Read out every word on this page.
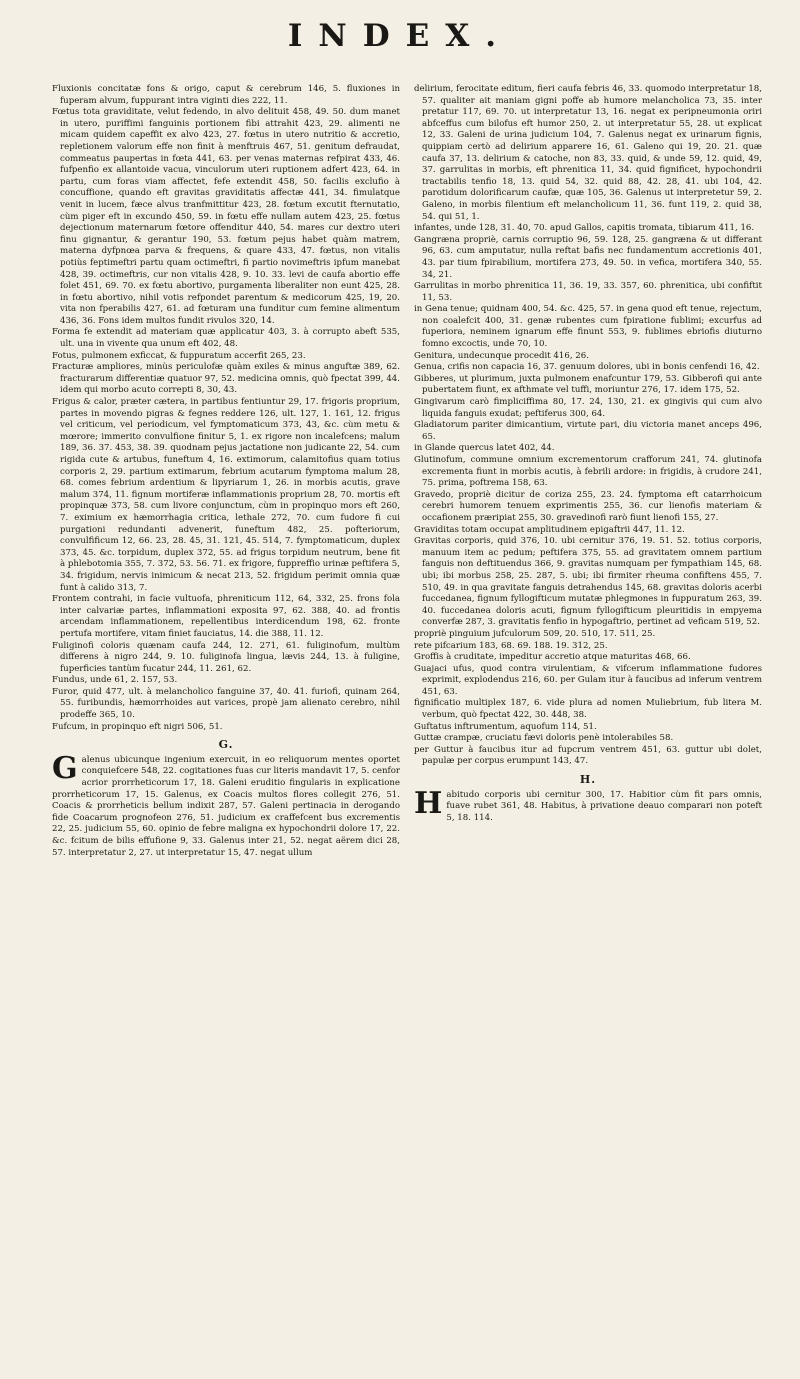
INDEX.

Fluxionis concitatæ fons & origo, caput & cerebrum 146, 5. fluxiones in fuperam alvum, fuppurant intra viginti dies 222, 11.

Fœtus tota graviditate, velut fedendo, in alvo delituit 458, 49. 50. dum manet in utero, puriffimi fanguinis portionem fibi attrahit 423, 29. alimenti ne micam quidem capeffit ex alvo 423, 27. fœtus in utero nutritio & accretio, repletionem valorum effe non finit à menftruis 467, 51. genitum defraudat, commeatus paupertas in fœta 441, 63. per venas maternas refpirat 433, 46. fufpenfio ex allantoide vacua, vinculorum uteri ruptionem adfert 423, 64. in partu, cum foras viam affectet, fefe extendit 458, 50. facilis exclufio à concuffione, quando eft gravitas graviditatis affectæ 441, 34. fimulatque venit in lucem, fæce alvus tranfmittitur 423, 28. fœtum excutit fternutatio, cùm piger eft in excundo 450, 59. in fœtu effe nullam autem 423, 25. fœtus dejectionum maternarum fœtore offenditur 440, 54. mares cur dextro uteri finu gignantur, & gerantur 190, 53. fœtum pejus habet quàm matrem, materna dyfpnœa parva & frequens, & quare 433, 47. fœtus, non vitalis potiùs feptimeftri partu quam octimeftri, fi partio novimeftris ipfum manebat 428, 39. octimeftris, cur non vitalis 428, 9. 10. 33. levi de caufa abortio effe folet 451, 69. 70. ex fœtu abortivo, purgamenta liberaliter non eunt 425, 28. in fœtu abortivo, nihil votis refpondet parentum & medicorum 425, 19, 20. vita non fperabilis 427, 61. ad fœturam una funditur cum femine alimentum 436, 36. Fons idem multos fundit rivulos 320, 14.

Forma fe extendit ad materiam quæ applicatur 403, 3. à corrupto abeft 535, ult. una in vivente qua unum eft 402, 48.

Fotus, pulmonem exficcat, & fuppuratum accerfit 265, 23.

Fracturæ ampliores, minùs periculofæ quàm exiles & minus anguftæ 389, 62. fracturarum differentiæ quatuor 97, 52. medicina omnis, quò fpectat 399, 44. idem qui morbo acuto correpti 8, 30, 43.

Frigus & calor, præter cætera, in partibus fentiuntur 29, 17. frigoris proprium, partes in movendo pigras & fegnes reddere 126, ult. 127, 1. 161, 12. frigus vel criticum, vel periodicum, vel fymptomaticum 373, 43, &c. cùm metu & mœrore; immerito convulfione finitur 5, 1. ex rigore non incalefcens; malum 189, 36. 37. 453, 38. 39. quodnam pejus jactatione non judicante 22, 54. cum rigida cute & artubus, funeftum 4, 16. extimorum, calamitofius quam totius corporis 2, 29. partium extimarum, febrium acutarum fymptoma malum 28, 68. comes febrium ardentium & lipyriarum 1, 26. in morbis acutis, grave malum 374, 11. fignum mortiferæ inflammationis proprium 28, 70. mortis eft propinquæ 373, 58. cum livore conjunctum, cùm in propinquo mors eft 260, 7. eximium ex hæmorrhagia critica, lethale 272, 70. cum fudore fi cui purgationi redundanti advenerit, funeftum 482, 25. pofteriorum, convulfificum 12, 66. 23, 28. 45, 31. 121, 45. 514, 7. fymptomaticum, duplex 373, 45. &c. torpidum, duplex 372, 55. ad frigus torpidum neutrum, bene fit à phlebotomia 355, 7. 372, 53. 56. 71. ex frigore, fuppreffio urinæ peftifera 5, 34. frigidum, nervis inimicum & necat 213, 52. frigidum perimit omnia quæ funt à calido 313, 7.

Frontem contrahi, in facie vultuofa, phreniticum 112, 64, 332, 25. frons fola inter calvariæ partes, inflammationi exposita 97, 62. 388, 40. ad frontis arcendam inflammationem, repellentibus interdicendum 198, 62. fronte pertufa mortifere, vitam finiet fauciatus, 14. die 388, 11. 12.

Fuliginofi coloris quænam caufa 244, 12. 271, 61. fuliginofum, multùm differens à nigro 244, 9. 10. fuliginofa lingua, lævis 244, 13. à fuligine, fuperficies tantùm fucatur 244, 11. 261, 62.

Fundus, unde 61, 2. 157, 53.

Furor, quid 477, ult. à melancholico fanguine 37, 40. 41. furiofi, quinam 264, 55. furibundis, hæmorrhoides aut varices, propè jam alienato cerebro, nihil prodeffe 365, 10.

Fufcum, in propinquo eft nigri 506, 51.

G.
G alenus ubicunque ingenium exercuit, in eo reliquorum mentes oportet conquiefcere 548, 22. cogitationes fuas cur literis mandavit 17, 5. cenfor acrior prorrheticorum 17, 18. Galeni eruditio fingularis in explicatione prorrheticorum 17, 15. Galenus, ex Coacis multos flores collegit 276, 51. Coacis & prorrheticis bellum indixit 287, 57. Galeni pertinacia in derogando fide Coacarum prognofeon 276, 51. judicium ex craffefcent bus excrementis 22, 25. judicium 55, 60. opinio de febre maligna ex hypochondrii dolore 17, 22. &c. fcitum de bilis effufione 9, 33. Galenus inter 21, 52. negat aërem dici 28, 57. interpretatur 2, 27. ut interpretatur 15, 47. negat ullum

delirium, ferocitate editum, fieri caufa febris 46, 33. quomodo interpretatur 18, 57. qualiter ait maniam gigni poffe ab humore melancholica 73, 35. inter pretatur 117, 69. 70. ut interpretatur 13, 16. negat ex peripneumonia oriri abfceffus cum bilofus eft humor 250, 2. ut interpretatur 55, 28. ut explicat 12, 33. Galeni de urina judicium 104, 7. Galenus negat ex urinarum fignis, quippiam certò ad delirium apparere 16, 61. Galeno qui 19, 20. 21. quæ caufa 37, 13. delirium & catoche, non 83, 33. quid, & unde 59, 12. quid, 49, 37. garrulitas in morbis, eft phrenitica 11, 34. quid fignificet, hypochondrii tractabilis tenfio 18, 13. quid 54, 32. quid 88, 42. 28, 41. ubi 104, 42. parotidum dolorificarum caufæ, quæ 105, 36. Galenus ut interpretetur 59, 2. Galeno, in morbis filentium eft melancholicum 11, 36. funt 119, 2. quid 38, 54. qui 51, 1.

infantes, unde 128, 31. 40, 70. apud Gallos, capitis tromata, tibiarum 411, 16.

Gangræna propriè, carnis corruptio 96, 59. 128, 25. gangræna & ut differant 96, 63. cum amputatur, nulla reftat bafis nec fundamentum accretionis 401, 43. par tium fpirabilium, mortifera 273, 49. 50. in vefica, mortifera 340, 55. 34, 21.

Garrulitas in morbo phrenitica 11, 36. 19, 33. 357, 60. phrenitica, ubi confiftit 11, 53.

in Gena tenue; quidnam 400, 54. &c. 425, 57. in gena quod eft tenue, rejectum, non coalefcit 400, 31. genæ rubentes cum fpiratione fublimi; excurfus ad fuperiora, neminem ignarum effe finunt 553, 9. fublimes ebriofis diuturno fomno excoctis, unde 70, 10.

Genitura, undecunque procedit 416, 26.

Genua, crifis non capacia 16, 37. genuum dolores, ubi in bonis cenfendi 16, 42.

Gibberes, ut plurimum, juxta pulmonem enafcuntur 179, 53. Gibberofi qui ante pubertatem fiunt, ex afthmate vel tuffi, moriuntur 276, 17. idem 175, 52.

Gingivarum carò fimpliciffima 80, 17. 24, 130, 21. ex gingivis qui cum alvo liquida fanguis exudat; peftiferus 300, 64.

Gladiatorum pariter dimicantium, virtute pari, diu victoria manet anceps 496, 65.

in Glande quercus latet 402, 44.

Glutinofum, commune omnium excrementorum crafforum 241, 74. glutinofa excrementa fiunt in morbis acutis, à febrili ardore: in frigidis, à crudore 241, 75. prima, poftrema 158, 63.

Gravedo, propriè dicitur de coriza 255, 23. 24. fymptoma eft catarrhoicum cerebri humorem tenuem exprimentis 255, 36. cur lienofis materiam & occafionem præripiat 255, 30. gravedinofi rarò fiunt lienofi 155, 27.

Graviditas totam occupat amplitudinem epigaftrii 447, 11. 12.

Gravitas corporis, quid 376, 10. ubi cernitur 376, 19. 51. 52. totius corporis, manuum item ac pedum; peftifera 375, 55. ad gravitatem omnem partium fanguis non deftituendus 366, 9. gravitas numquam per fympathiam 145, 68. ubi; ibi morbus 258, 25. 287, 5. ubi; ibi firmiter rheuma confiftens 455, 7. 510, 49. in qua gravitate fanguis detrahendus 145, 68. gravitas doloris acerbi fuccedanea, fignum fyllogifticum mutatæ phlegmones in fuppuratum 263, 39. 40. fuccedanea doloris acuti, fignum fyllogifticum pleuritidis in empyema converfæ 287, 3. gravitatis fenfio in hypogaftrio, pertinet ad veficam 519, 52.

propriè pinguium jufculorum 509, 20. 510, 17. 511, 25.

rete pifcarium 183, 68. 69. 188. 19. 312, 25.

Groffis à cruditate, impeditur accretio atque maturitas 468, 66.

Guajaci ufus, quod contra virulentiam, & vifcerum inflammatione fudores exprimit, explodendus 216, 60. per Gulam itur à faucibus ad inferum ventrem 451, 63.

fignificatio multiplex 187, 6. vide plura ad nomen Muliebrium, fub litera M. verbum, quò fpectat 422, 30. 448, 38.

Guftatus inftrumentum, aquofum 114, 51.

Guttæ crampæ, cruciatu fævi doloris penè intolerabiles 58.

per Guttur à faucibus itur ad fupcrum ventrem 451, 63. guttur ubi dolet, papulæ per corpus erumpunt 143, 47.

H.
H abitudo corporis ubi cernitur 300, 17. Habitior cùm fit pars omnis, fuave rubet 361, 48. Habitus, à privatione deauo comparari non poteft 5, 18. 114.
